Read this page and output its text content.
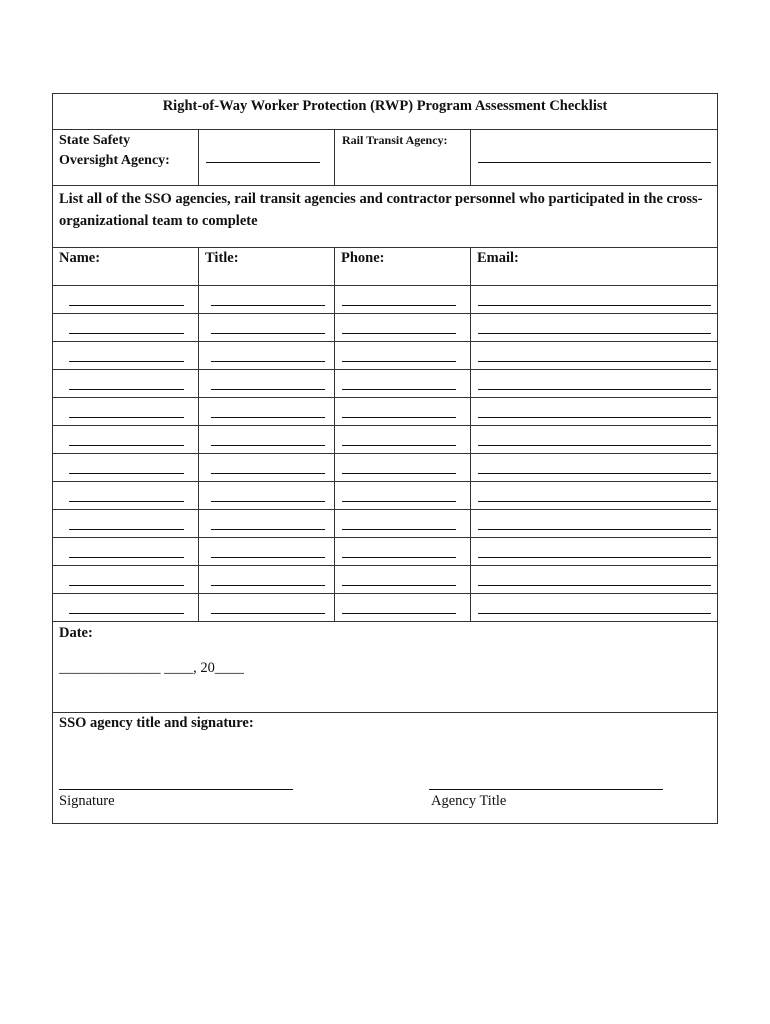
Right-of-Way Worker Protection (RWP) Program Assessment Checklist			

State Safety
Oversight Agency:		Rail Transit Agency:	

List all of the SSO agencies, rail transit agencies and contractor personnel who participated in the cross-organizational team to complete			
Name:	Title:	Phone:	Email:

Date:
______________ ____, 20____			

SSO agency title and signature:
Signature Agency Title			
